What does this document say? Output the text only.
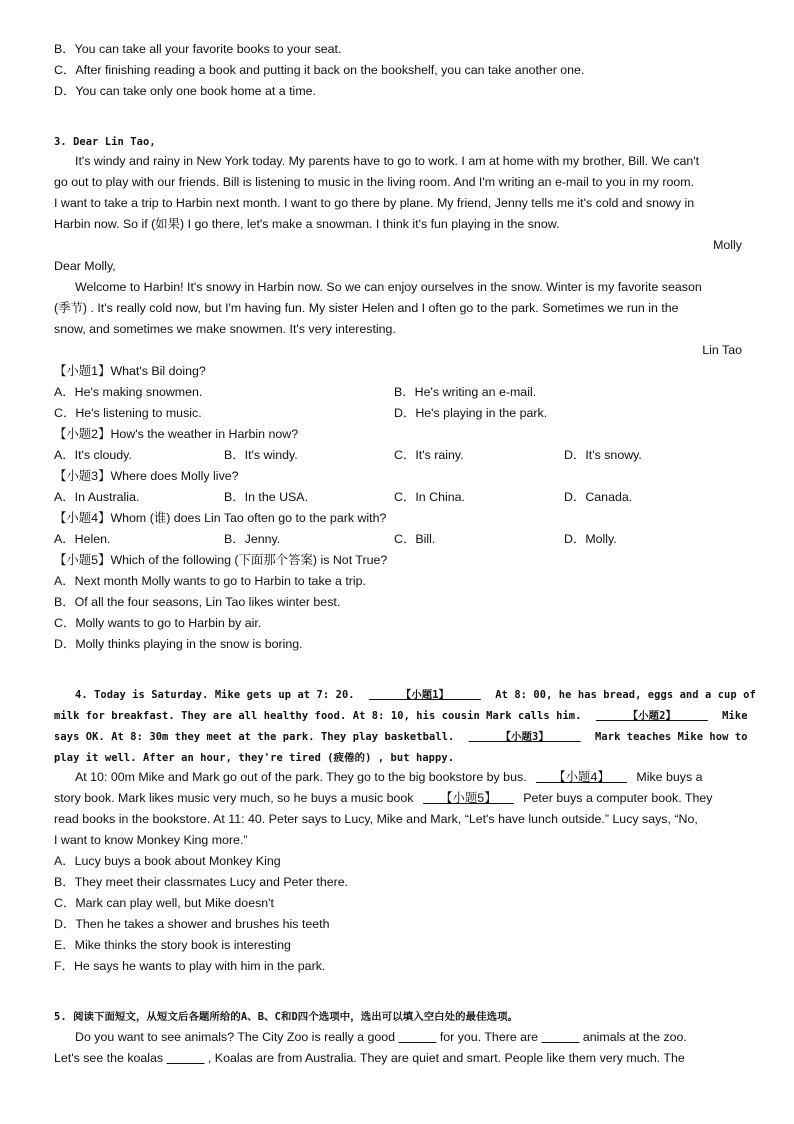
B．You can take all your favorite books to your seat.
C．After finishing reading a book and putting it back on the bookshelf, you can take another one.
D．You can take only one book home at a time.
3. Dear Lin Tao,
It's windy and rainy in New York today. My parents have to go to work. I am at home with my brother, Bill. We can't
go out to play with our friends. Bill is listening to music in the living room. And I'm writing an e-mail to you in my room.
I want to take a trip to Harbin next month. I want to go there by plane. My friend, Jenny tells me it's cold and snowy in
Harbin now. So if (如果) I go there, let's make a snowman. I think it's fun playing in the snow.
Molly
Dear Molly,
Welcome to Harbin! It's snowy in Harbin now. So we can enjoy ourselves in the snow. Winter is my favorite season
(季节) . It's really cold now, but I'm having fun. My sister Helen and I often go to the park. Sometimes we run in the
snow, and sometimes we make snowmen. It's very interesting.
Lin Tao
【小题1】What's Bil doing?
A．He's making snowmen.	B．He's writing an e-mail.
C．He's listening to music.	D．He's playing in the park.
【小题2】How's the weather in Harbin now?
A．It's cloudy.	B．It's windy.	C．It's rainy.	D．It's snowy.
【小题3】Where does Molly live?
A．In Australia.	B．In the USA.	C．In China.	D．Canada.
【小题4】Whom (谁) does Lin Tao often go to the park with?
A．Helen.	B．Jenny.	C．Bill.	D．Molly.
【小题5】Which of the following (下面那个答案) is Not True?
A．Next month Molly wants to go to Harbin to take a trip.
B．Of all the four seasons, Lin Tao likes winter best.
C．Molly wants to go to Harbin by air.
D．Molly thinks playing in the snow is boring.
4. Today is Saturday. Mike gets up at 7: 20.      【小题1】      At 8: 00, he has bread, eggs and a cup of
milk for breakfast. They are all healthy food. At 8: 10, his cousin Mark calls him.      【小题2】      Mike
says OK. At 8: 30m they meet at the park. They play basketball.      【小题3】      Mark teaches Mike how to
play it well. After an hour, they're tired (疲倦的) , but happy.
At 10: 00m Mike and Mark go out of the park. They go to the big bookstore by bus.      【小题4】      Mike buys a
story book. Mark likes music very much, so he buys a music book      【小题5】      Peter buys a computer book. They
read books in the bookstore. At 11: 40. Peter says to Lucy, Mike and Mark, “Let's have lunch outside.” Lucy says, “No,
I want to know Monkey King more.”
A．Lucy buys a book about Monkey King
B．They meet their classmates Lucy and Peter there.
C．Mark can play well, but Mike doesn't
D．Then he takes a shower and brushes his teeth
E．Mike thinks the story book is interesting
F．He says he wants to play with him in the park.
5. 阅读下面短文，从短文后各题所给的A、B、C和D四个选项中，选出可以填入空白处的最佳选项。
Do you want to see animals? The City Zoo is really a good	for you. There are	animals at the zoo.
Let's see the koalas	, Koalas are from Australia. They are quiet and smart. People like them very much. The
